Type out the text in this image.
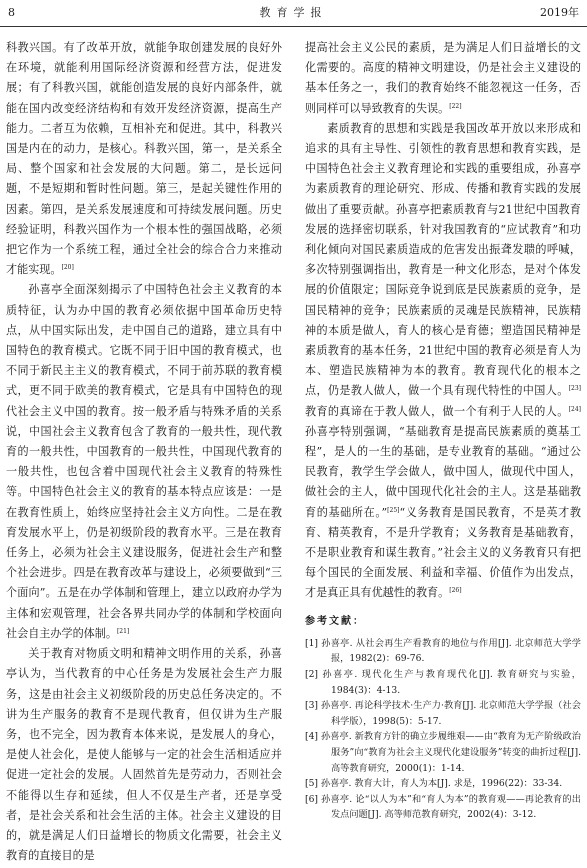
8	教育学报	2019年

科教兴国。有了改革开放，就能争取创建发展的良好外在环境，就能利用国际经济资源和经营方法，促进发展；有了科教兴国，就能创造发展的良好内部条件，就能在国内改变经济结构和有效开发经济资源，提高生产能力。二者互为依赖，互相补充和促进。其中，科教兴国是内在的动力，是核心。科教兴国，第一，是关系全局、整个国家和社会发展的大问题。第二，是长远问题，不是短期和暂时性问题。第三，是起关键性作用的因素。第四，是关系发展速度和可持续发展问题。历史经验证明，科教兴国作为一个根本性的强国战略，必须把它作为一个系统工程，通过全社会的综合合力来推动才能实现。[20]

孙喜亭全面深刻揭示了中国特色社会主义教育的本质特征，认为办中国的教育必须依据中国革命历史特点，从中国实际出发，走中国自己的道路，建立具有中国特色的教育模式。它既不同于旧中国的教育模式，也不同于新民主主义的教育模式，不同于前苏联的教育模式，更不同于欧美的教育模式，它是具有中国特色的现代社会主义中国的教育。按一般矛盾与特殊矛盾的关系说，中国社会主义教育包含了教育的一般共性，现代教育的一般共性，中国教育的一般共性，中国现代教育的一般共性，也包含着中国现代社会主义教育的特殊性等。中国特色社会主义的教育的基本特点应该是：一是在教育性质上，始终应坚持社会主义方向性。二是在教育发展水平上，仍是初级阶段的教育水平。三是在教育任务上，必须为社会主义建设服务，促进社会生产和整个社会进步。四是在教育改革与建设上，必须要做到“三个面向”。五是在办学体制和管理上，建立以政府办学为主体和宏观管理，社会各界共同办学的体制和学校面向社会自主办学的体制。[21]

关于教育对物质文明和精神文明作用的关系，孙喜亭认为，当代教育的中心任务是为发展社会生产力服务，这是由社会主义初级阶段的历史总任务决定的。不讲为生产服务的教育不是现代教育，但仅讲为生产服务，也不完全，因为教育本体来说，是发展人的身心，是使人社会化，是使人能够与一定的社会生活相适应并促进一定社会的发展。人固然首先是劳动力，否则社会不能得以生存和延续，但人不仅是生产者，还是享受者，是社会关系和社会生活的主体。社会主义建设的目的，就是满足人们日益增长的物质文化需要，社会主义教育的直接目的是

提高社会主义公民的素质，是为满足人们日益增长的文化需要的。高度的精神文明建设，仍是社会主义建设的基本任务之一，我们的教育始终不能忽视这一任务，否则同样可以导致教育的失误。[22]

素质教育的思想和实践是我国改革开放以来形成和追求的具有主导性、引领性的教育思想和教育实践，是中国特色社会主义教育理论和实践的重要组成，孙喜亭为素质教育的理论研究、形成、传播和教育实践的发展做出了重要贡献。孙喜亭把素质教育与21世纪中国教育发展的选择密切联系，针对我国教育的“应试教育”和功利化倾向对国民素质造成的危害发出振聋发聩的呼喊，多次特别强调指出，教育是一种文化形态，是对个体发展的价值限定；国际竞争说到底是民族素质的竞争，是国民精神的竞争；民族素质的灵魂是民族精神，民族精神的本质是做人，育人的核心是育德；塑造国民精神是素质教育的基本任务，21世纪中国的教育必须是育人为本、塑造民族精神为本的教育。教育现代化的根本之点，仍是教人做人，做一个具有现代特性的中国人。[23]教育的真谛在于教人做人，做一个有利于人民的人。[24]孙喜亭特别强调，“基础教育是提高民族素质的奠基工程”，是人的一生的基础，是专业教育的基础。“通过公民教育，教学生学会做人，做中国人，做现代中国人，做社会的主人，做中国现代化社会的主人。这是基础教育的基础所在。”[25]“义务教育是国民教育，不是英才教育、精英教育，不是升学教育；义务教育是基础教育，不是职业教育和谋生教育。”社会主义的义务教育只有把每个国民的全面发展、利益和幸福、价值作为出发点，才是真正具有优越性的教育。[26]

参考文献：
[1] 孙喜亭. 从社会再生产看教育的地位与作用[J]. 北京师范大学学报，1982(2)：69-76.
[2] 孙喜亭. 现代化生产与教育现代化[J]. 教育研究与实验，1984(3)：4-13.
[3] 孙喜亭. 再论科学技术·生产力·教育[J]. 北京师范大学学报（社会科学版），1998(5)：5-17.
[4] 孙喜亭. 新教育方针的确立步履维艰——由“教育为无产阶级政治服务”向“教育为社会主义现代化建设服务”转变的曲折过程[J]. 高等教育研究，2000(1)：1-14.
[5] 孙喜亭. 教育大计，育人为本[J]. 求是，1996(22)：33-34.
[6] 孙喜亭. 论“以人为本”和“育人为本”的教育观——再论教育的出发点问题[J]. 高等师范教育研究，2002(4)：3-12.
